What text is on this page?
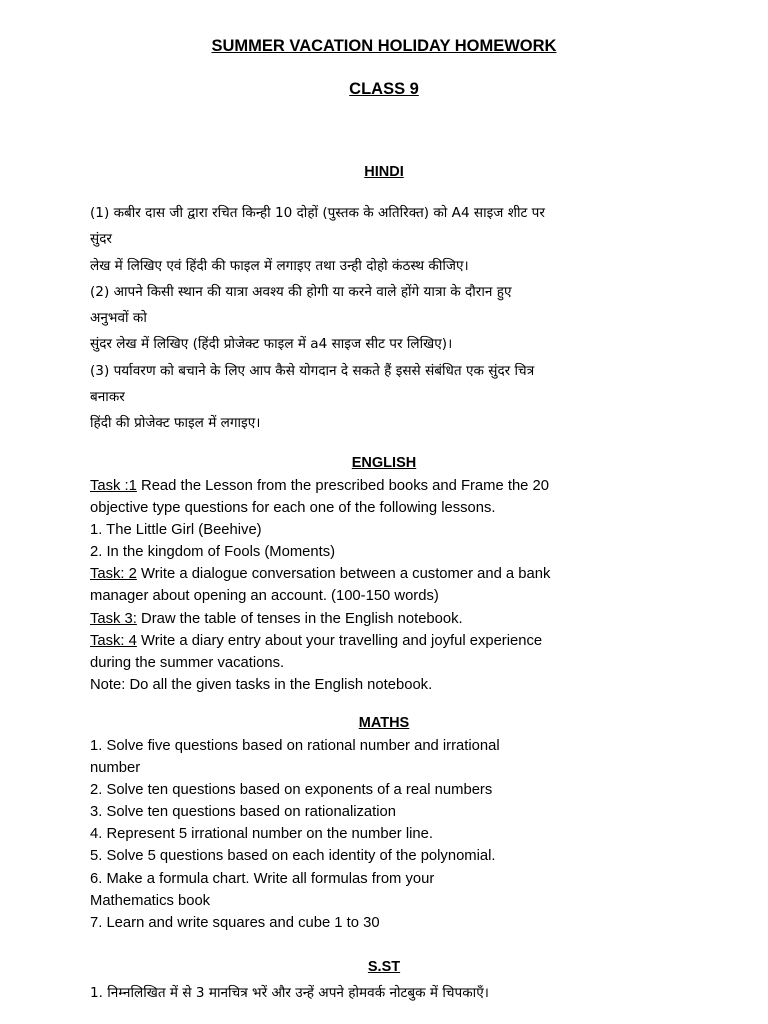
SUMMER VACATION HOLIDAY HOMEWORK
CLASS 9
HINDI
(1) कबीर दास जी द्वारा रचित किन्ही 10 दोहों (पुस्तक के अतिरिक्त) को A4 साइज शीट पर
सुंदर
लेख में लिखिए एवं हिंदी की फाइल में लगाइए तथा उन्ही दोहो कंठस्थ कीजिए।
(2) आपने किसी स्थान की यात्रा अवश्य की होगी या करने वाले होंगे यात्रा के दौरान हुए
अनुभवों को
सुंदर लेख में लिखिए (हिंदी प्रोजेक्ट फाइल में a4 साइज सीट पर लिखिए)।
(3) पर्यावरण को बचाने के लिए आप कैसे योगदान दे सकते हैं इससे संबंधित एक सुंदर चित्र
बनाकर
हिंदी की प्रोजेक्ट फाइल में लगाइए।
ENGLISH
Task :1 Read the Lesson from the prescribed books and Frame the 20
objective type questions for each one of the following lessons.
1. The Little Girl (Beehive)
2. In the kingdom of Fools (Moments)
Task: 2 Write a dialogue conversation between a customer and a bank
manager about opening an account. (100-150 words)
Task 3: Draw the table of tenses in the English notebook.
Task: 4 Write a diary entry about your travelling and joyful experience
during the summer vacations.
Note: Do all the given tasks in the English notebook.
MATHS
1. Solve five questions based on rational number and irrational
number
2. Solve ten questions based on exponents of a real numbers
3. Solve ten questions based on rationalization
4. Represent 5 irrational number on the number line.
5. Solve 5 questions based on each identity of the polynomial.
6. Make a formula chart. Write all formulas from your
Mathematics book
7. Learn and write squares and cube 1 to 30
S.ST
1. निम्नलिखित में से 3 मानचित्र भरें और उन्हें अपने होमवर्क नोटबुक में चिपकाएँ।
